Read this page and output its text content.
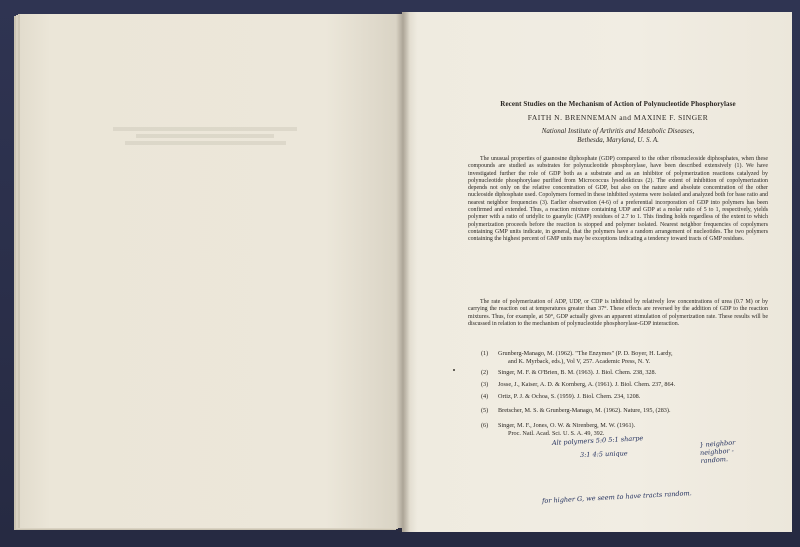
Recent Studies on the Mechanism of Action of Polynucleotide Phosphorylase
FAITH N. BRENNEMAN and MAXINE F. SINGER
National Institute of Arthritis and Metabolic Diseases,
Bethesda, Maryland, U. S. A.
The unusual properties of guanosine diphosphate (GDP) compared to the other ribonucleoside diphosphates, when these compounds are studied as substrates for polynucleotide phosphorylase, have been described extensively (1). We have investigated further the role of GDP both as a substrate and as an inhibitor of polymerization reactions catalyzed by polynucleotide phosphorylase purified from Micrococcus lysodeikticus (2). The extent of inhibition of copolymerization depends not only on the relative concentration of GDP, but also on the nature and absolute concentration of the other nucleoside diphosphate used. Copolymers formed in these inhibited systems were isolated and analyzed both for base ratio and nearest neighbor frequencies (3). Earlier observation (4-6) of a preferential incorporation of GDP into polymers has been confirmed and extended. Thus, a reaction mixture containing UDP and GDP at a molar ratio of 5 to 1, respectively, yields polymer with a ratio of uridylic to guanylic (GMP) residues of 2.7 to 1. This finding holds regardless of the extent to which polymerization proceeds before the reaction is stopped and polymer isolated. Nearest neighbor frequencies of copolymers containing GMP units indicate, in general, that the polymers have a random arrangement of nucleotides. The two polymers containing the highest percent of GMP units may be exceptions indicating a tendency toward tracts of GMP residues.
The rate of polymerization of ADP, UDP, or CDP is inhibited by relatively low concentrations of urea (0.7 M) or by carrying the reaction out at temperatures greater than 37°. These effects are reversed by the addition of GDP to the reaction mixtures. Thus, for example, at 50°, GDP actually gives an apparent stimulation of polymerization rate. These results will be discussed in relation to the mechanism of polynucleotide phosphorylase-GDP interaction.
(1)	Grunberg-Manago, M. (1962). "The Enzymes" (P. D. Boyer, H. Lardy,
and K. Myrback, eds.), Vol V, 257. Academic Press, N. Y.
(2)	Singer, M. F. & O'Brien, B. M. (1963). J. Biol. Chem. 238, 328.
(3)	Josse, J., Kaiser, A. D. & Kornberg, A. (1961). J. Biol. Chem. 237, 864.
(4)	Ortiz, P. J. & Ochoa, S. (1959). J. Biol. Chem. 234, 1208.
(5)	Bretscher, M. S. & Grunberg-Manago, M. (1962). Nature, 195, (283).
(6)	Singer, M. F., Jones, O. W. & Nirenberg, M. W. (1961).
Proc. Natl. Acad. Sci. U. S. A. 49, 392.
Alt polymers 5:0 5:1 sharpe
3:1 4:5 unique
} neighbor neighbor - random.
for higher G, we seem to have tracts random.
